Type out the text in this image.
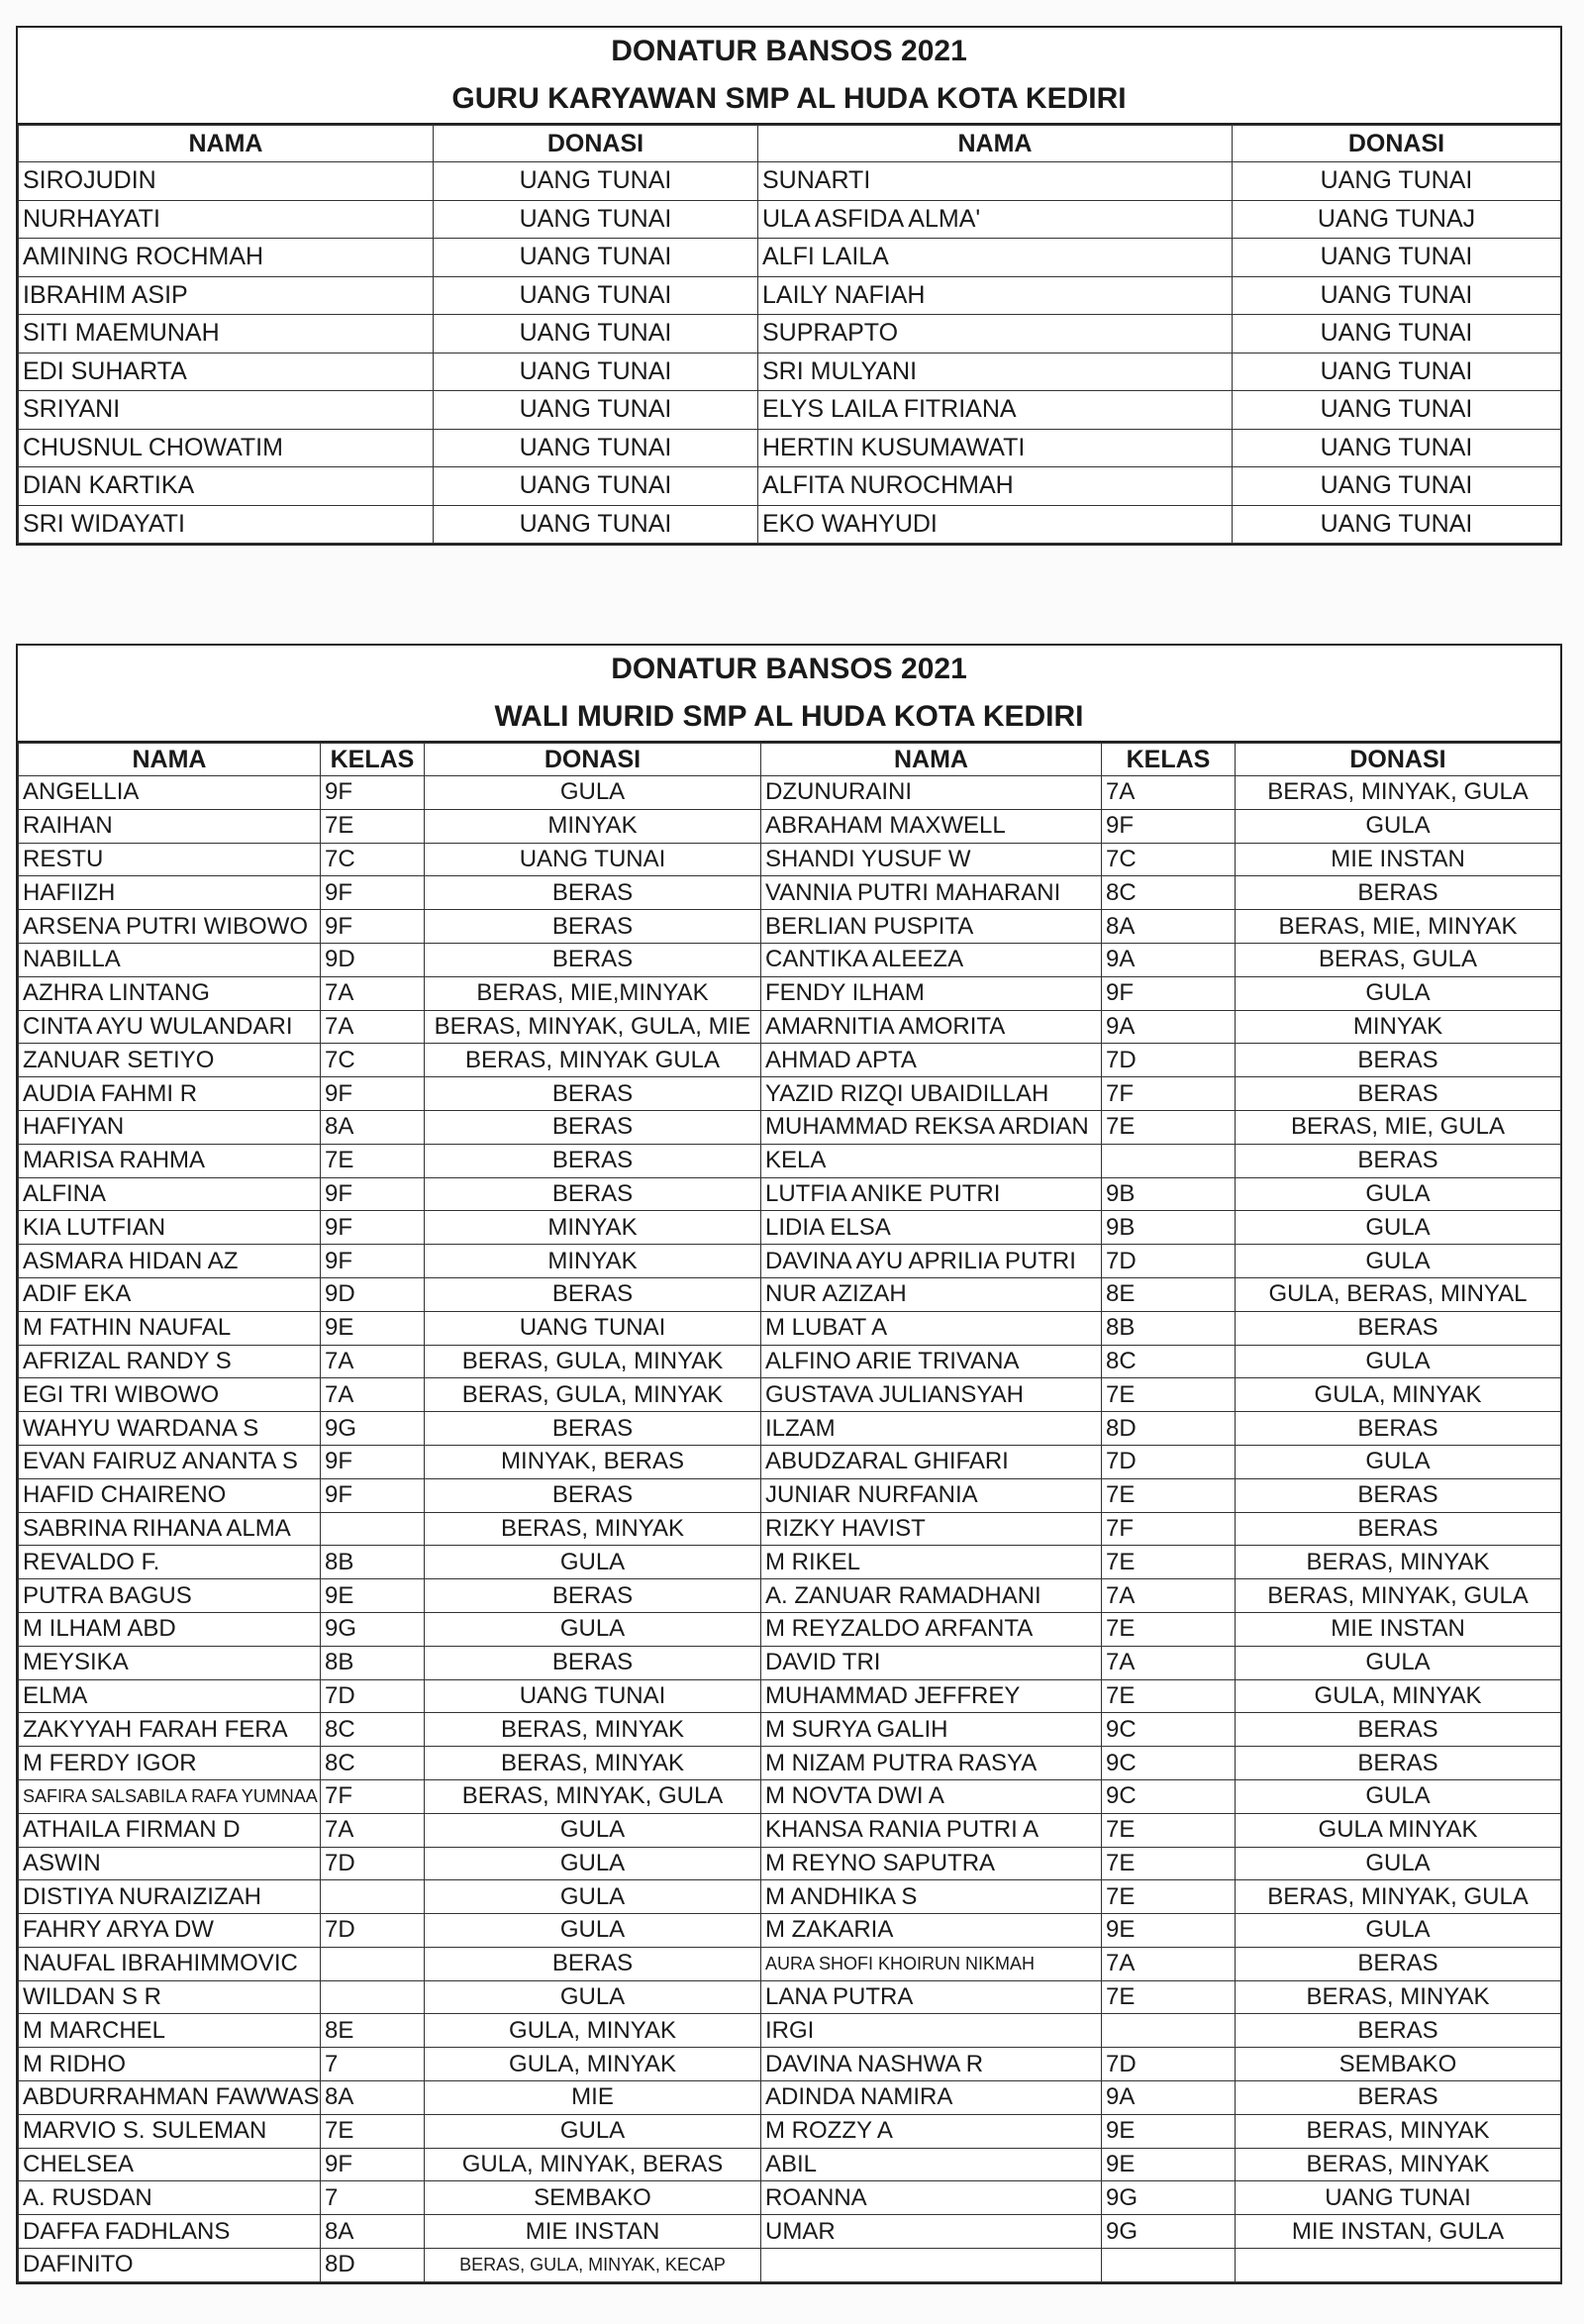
DONATUR BANSOS 2021
GURU KARYAWAN SMP AL HUDA KOTA KEDIRI
NAMA	DONASI	NAMA	DONASI
SIROJUDIN	UANG TUNAI	SUNARTI	UANG TUNAI
NURHAYATI	UANG TUNAI	ULA ASFIDA ALMA'	UANG TUNAJ
AMINING ROCHMAH	UANG TUNAI	ALFI LAILA	UANG TUNAI
IBRAHIM ASIP	UANG TUNAI	LAILY NAFIAH	UANG TUNAI
SITI MAEMUNAH	UANG TUNAI	SUPRAPTO	UANG TUNAI
EDI SUHARTA	UANG TUNAI	SRI MULYANI	UANG TUNAI
SRIYANI	UANG TUNAI	ELYS LAILA FITRIANA	UANG TUNAI
CHUSNUL CHOWATIM	UANG TUNAI	HERTIN KUSUMAWATI	UANG TUNAI
DIAN KARTIKA	UANG TUNAI	ALFITA NUROCHMAH	UANG TUNAI
SRI WIDAYATI	UANG TUNAI	EKO WAHYUDI	UANG TUNAI
DONATUR BANSOS 2021
WALI MURID SMP AL HUDA KOTA KEDIRI
NAMA	KELAS	DONASI	NAMA	KELAS	DONASI
ANGELLIA	9F	GULA	DZUNURAINI	7A	BERAS, MINYAK, GULA
RAIHAN	7E	MINYAK	ABRAHAM MAXWELL	9F	GULA
RESTU	7C	UANG TUNAI	SHANDI YUSUF W	7C	MIE INSTAN
HAFIIZH	9F	BERAS	VANNIA PUTRI MAHARANI	8C	BERAS
ARSENA PUTRI WIBOWO	9F	BERAS	BERLIAN PUSPITA	8A	BERAS, MIE, MINYAK
NABILLA	9D	BERAS	CANTIKA ALEEZA	9A	BERAS, GULA
AZHRA LINTANG	7A	BERAS, MIE,MINYAK	FENDY ILHAM	9F	GULA
CINTA AYU WULANDARI	7A	BERAS, MINYAK, GULA, MIE	AMARNITIA AMORITA	9A	MINYAK
ZANUAR SETIYO	7C	BERAS, MINYAK GULA	AHMAD APTA	7D	BERAS
AUDIA FAHMI R	9F	BERAS	YAZID RIZQI UBAIDILLAH	7F	BERAS
HAFIYAN	8A	BERAS	MUHAMMAD REKSA ARDIAN	7E	BERAS, MIE, GULA
MARISA RAHMA	7E	BERAS	KELA		BERAS
ALFINA	9F	BERAS	LUTFIA ANIKE PUTRI	9B	GULA
KIA LUTFIAN	9F	MINYAK	LIDIA ELSA	9B	GULA
ASMARA HIDAN AZ	9F	MINYAK	DAVINA AYU APRILIA PUTRI	7D	GULA
ADIF EKA	9D	BERAS	NUR AZIZAH	8E	GULA, BERAS, MINYAL
M FATHIN NAUFAL	9E	UANG TUNAI	M LUBAT A	8B	BERAS
AFRIZAL RANDY S	7A	BERAS, GULA, MINYAK	ALFINO ARIE TRIVANA	8C	GULA
EGI TRI WIBOWO	7A	BERAS, GULA, MINYAK	GUSTAVA JULIANSYAH	7E	GULA, MINYAK
WAHYU WARDANA S	9G	BERAS	ILZAM	8D	BERAS
EVAN FAIRUZ ANANTA S	9F	MINYAK, BERAS	ABUDZARAL GHIFARI	7D	GULA
HAFID CHAIRENO	9F	BERAS	JUNIAR NURFANIA	7E	BERAS
SABRINA RIHANA ALMA		BERAS, MINYAK	RIZKY HAVIST	7F	BERAS
REVALDO F.	8B	GULA	M RIKEL	7E	BERAS, MINYAK
PUTRA BAGUS	9E	BERAS	A. ZANUAR RAMADHANI	7A	BERAS, MINYAK, GULA
M ILHAM ABD	9G	GULA	M REYZALDO ARFANTA	7E	MIE INSTAN
MEYSIKA	8B	BERAS	DAVID TRI	7A	GULA
ELMA	7D	UANG TUNAI	MUHAMMAD JEFFREY	7E	GULA, MINYAK
ZAKYYAH FARAH FERA	8C	BERAS, MINYAK	M SURYA GALIH	9C	BERAS
M FERDY IGOR	8C	BERAS, MINYAK	M NIZAM PUTRA RASYA	9C	BERAS
SAFIRA SALSABILA RAFA YUMNAA	7F	BERAS, MINYAK, GULA	M NOVTA DWI A	9C	GULA
ATHAILA FIRMAN D	7A	GULA	KHANSA RANIA PUTRI A	7E	GULA MINYAK
ASWIN	7D	GULA	M REYNO SAPUTRA	7E	GULA
DISTIYA NURAIZIZAH		GULA	M ANDHIKA S	7E	BERAS, MINYAK, GULA
FAHRY ARYA DW	7D	GULA	M ZAKARIA	9E	GULA
NAUFAL IBRAHIMMOVIC		BERAS	AURA SHOFI KHOIRUN NIKMAH	7A	BERAS
WILDAN S R		GULA	LANA PUTRA	7E	BERAS, MINYAK
M MARCHEL	8E	GULA, MINYAK	IRGI		BERAS
M RIDHO	7	GULA, MINYAK	DAVINA NASHWA R	7D	SEMBAKO
ABDURRAHMAN FAWWAS	8A	MIE	ADINDA NAMIRA	9A	BERAS
MARVIO S. SULEMAN	7E	GULA	M ROZZY A	9E	BERAS, MINYAK
CHELSEA	9F	GULA, MINYAK, BERAS	ABIL	9E	BERAS, MINYAK
A. RUSDAN	7	SEMBAKO	ROANNA	9G	UANG TUNAI
DAFFA FADHLANS	8A	MIE INSTAN	UMAR	9G	MIE INSTAN, GULA
DAFINITO	8D	BERAS, GULA, MINYAK, KECAP			
